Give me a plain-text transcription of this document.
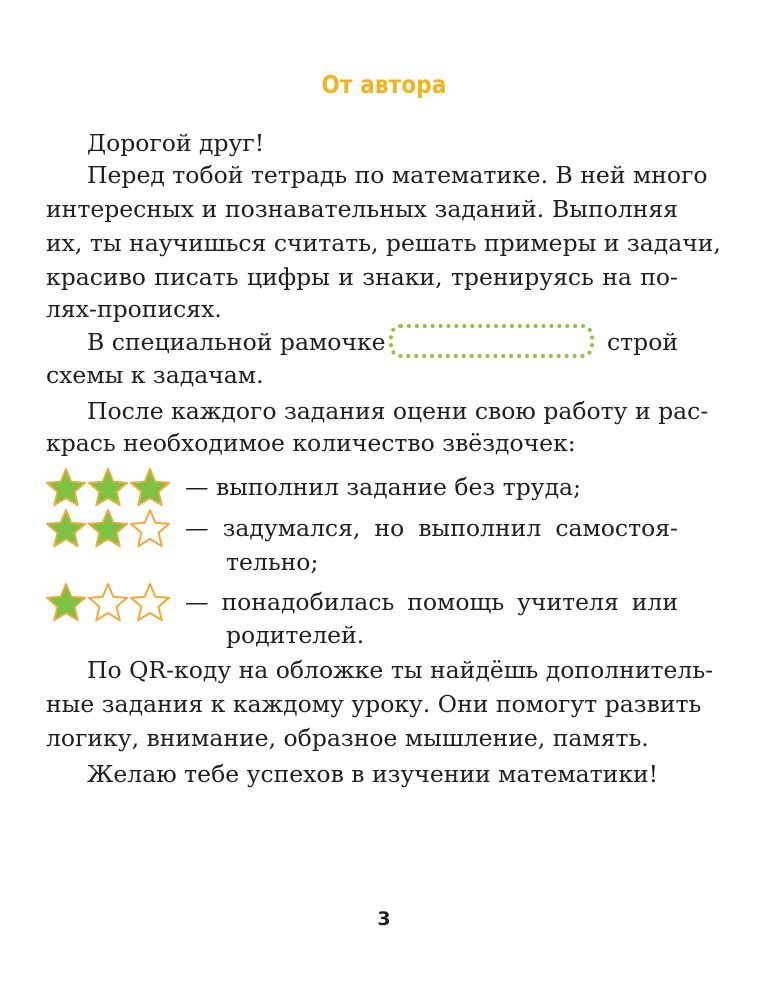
От автора
Дорогой друг!
Перед тобой тетрадь по математике. В ней много
интересных и познавательных заданий. Выполняя
их, ты научишься считать, решать примеры и задачи,
красиво писать цифры и знаки, тренируясь на по-
лях-прописях.
В специальной рамочке	строй
схемы к задачам.
После каждого задания оцени свою работу и рас-
крась необходимое количество звёздочек:
— выполнил задание без труда;
— задумался, но выполнил самостоя-
тельно;
— понадобилась помощь учителя или
родителей.
По QR-коду на обложке ты найдёшь дополнитель-
ные задания к каждому уроку. Они помогут развить
логику, внимание, образное мышление, память.
Желаю тебе успехов в изучении математики!
3
